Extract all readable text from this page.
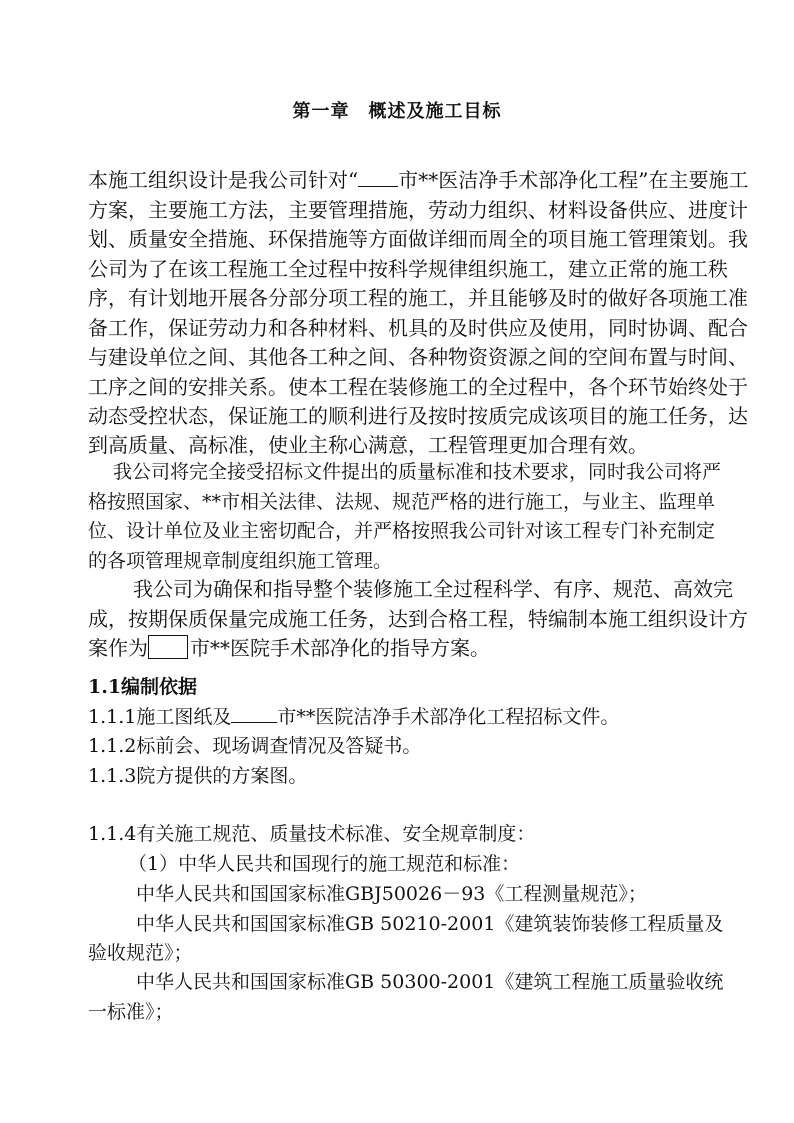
第一章　概述及施工目标
本施工组织设计是我公司针对“ 市**医洁净手术部净化工程”在主要施工
方案，主要施工方法，主要管理措施，劳动力组织、材料设备供应、进度计
划、质量安全措施、环保措施等方面做详细而周全的项目施工管理策划。我
公司为了在该工程施工全过程中按科学规律组织施工，建立正常的施工秩
序，有计划地开展各分部分项工程的施工，并且能够及时的做好各项施工准
备工作，保证劳动力和各种材料、机具的及时供应及使用，同时协调、配合
与建设单位之间、其他各工种之间、各种物资资源之间的空间布置与时间、
工序之间的安排关系。使本工程在装修施工的全过程中，各个环节始终处于
动态受控状态，保证施工的顺利进行及按时按质完成该项目的施工任务，达
到高质量、高标准，使业主称心满意，工程管理更加合理有效。
我公司将完全接受招标文件提出的质量标准和技术要求，同时我公司将严
格按照国家、**市相关法律、法规、规范严格的进行施工，与业主、监理单
位、设计单位及业主密切配合，并严格按照我公司针对该工程专门补充制定
的各项管理规章制度组织施工管理。
我公司为确保和指导整个装修施工全过程科学、有序、规范、高效完
成，按期保质保量完成施工任务，达到合格工程，特编制本施工组织设计方
案作为 市**医院手术部净化的指导方案。
1.1编制依据
1.1.1施工图纸及 市**医院洁净手术部净化工程招标文件。
1.1.2标前会、现场调查情况及答疑书。
1.1.3院方提供的方案图。
1.1.4有关施工规范、质量技术标准、安全规章制度：
（1）中华人民共和国现行的施工规范和标准：
中华人民共和国国家标准GBJ50026－93《工程测量规范》；
中华人民共和国国家标准GB 50210-2001《建筑装饰装修工程质量及
验收规范》；
中华人民共和国国家标准GB 50300-2001《建筑工程施工质量验收统
一标准》；
